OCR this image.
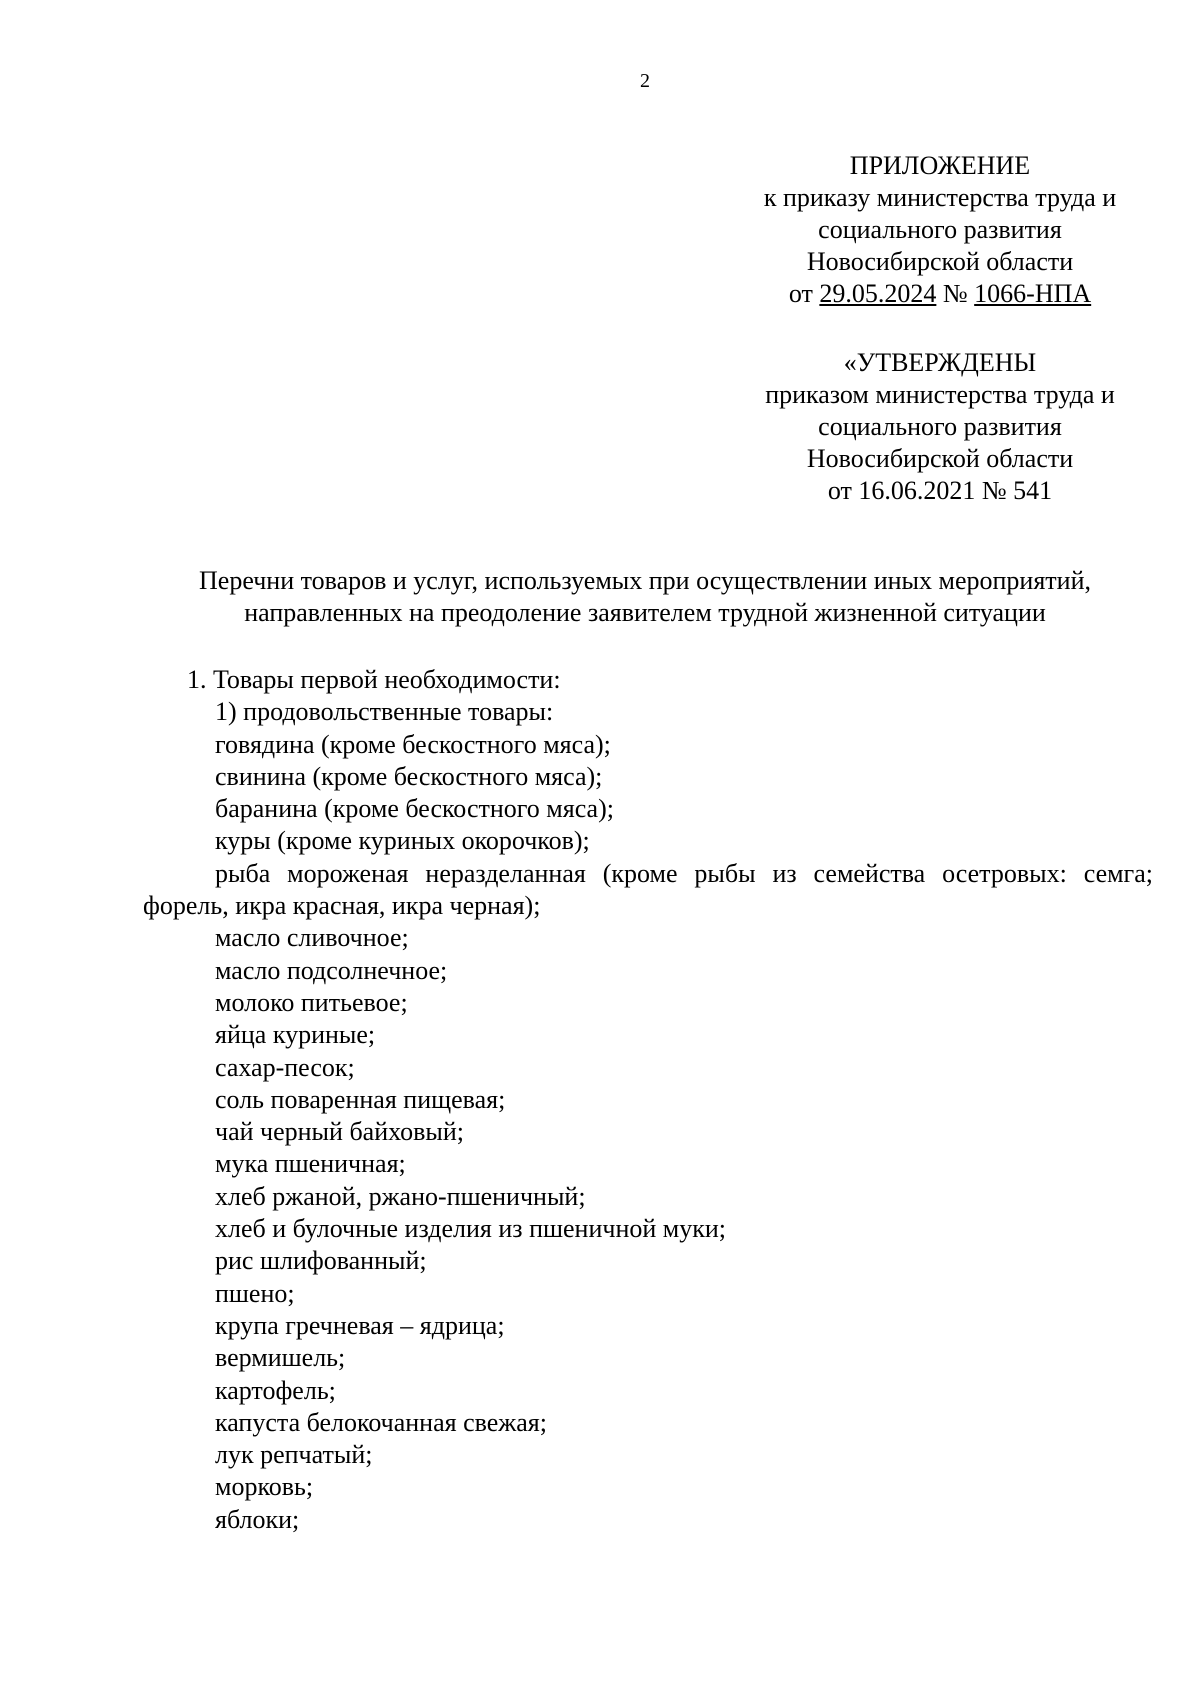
2
ПРИЛОЖЕНИЕ
к приказу министерства труда и
социального развития
Новосибирской области
от 29.05.2024 № 1066-НПА
«УТВЕРЖДЕНЫ
приказом министерства труда и
социального развития
Новосибирской области
от 16.06.2021 № 541
Перечни товаров и услуг, используемых при осуществлении иных мероприятий,
направленных на преодоление заявителем трудной жизненной ситуации
1. Товары первой необходимости:
1) продовольственные товары:
говядина (кроме бескостного мяса);
свинина (кроме бескостного мяса);
баранина (кроме бескостного мяса);
куры (кроме куриных окорочков);
рыба мороженая неразделанная (кроме рыбы из семейства осетровых: семга;
форель, икра красная, икра черная);
масло сливочное;
масло подсолнечное;
молоко питьевое;
яйца куриные;
сахар-песок;
соль поваренная пищевая;
чай черный байховый;
мука пшеничная;
хлеб ржаной, ржано-пшеничный;
хлеб и булочные изделия из пшеничной муки;
рис шлифованный;
пшено;
крупа гречневая – ядрица;
вермишель;
картофель;
капуста белокочанная свежая;
лук репчатый;
морковь;
яблоки;
